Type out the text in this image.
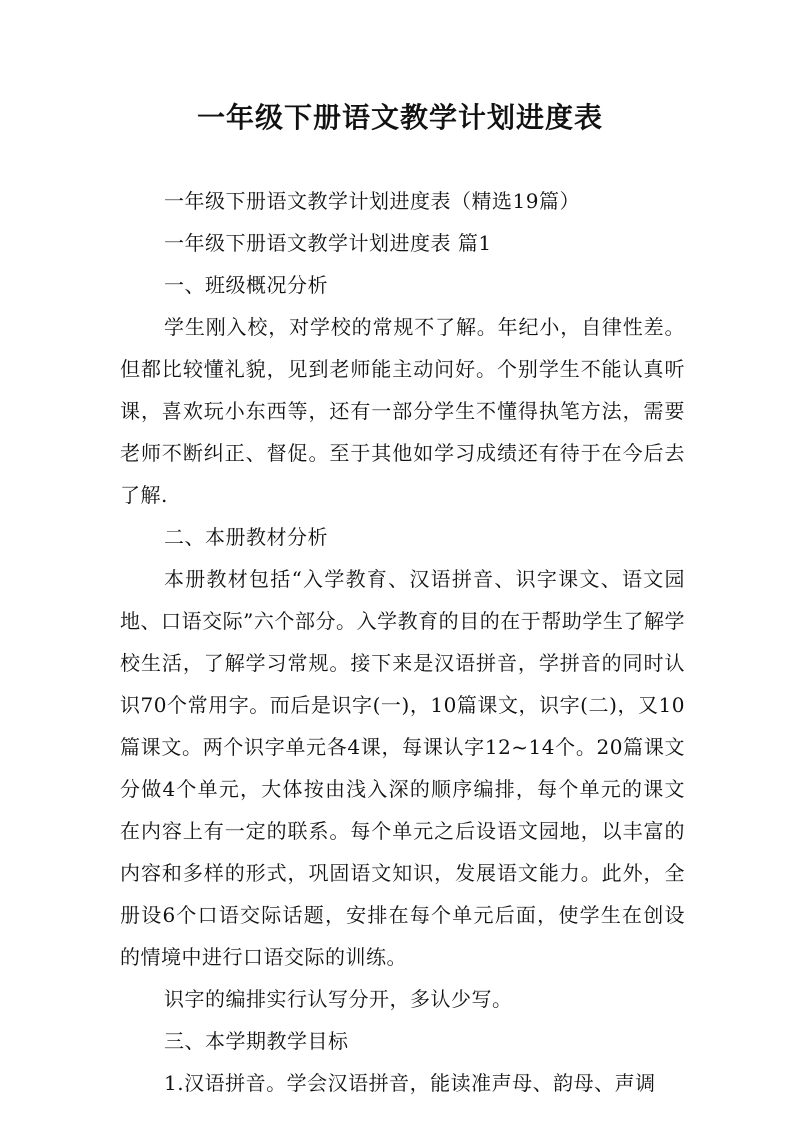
一年级下册语文教学计划进度表

一年级下册语文教学计划进度表（精选19篇）

一年级下册语文教学计划进度表 篇1

一、班级概况分析

学生刚入校，对学校的常规不了解。年纪小，自律性差。但都比较懂礼貌，见到老师能主动问好。个别学生不能认真听课，喜欢玩小东西等，还有一部分学生不懂得执笔方法，需要老师不断纠正、督促。至于其他如学习成绩还有待于在今后去了解.

二、本册教材分析

本册教材包括“入学教育、汉语拼音、识字课文、语文园地、口语交际”六个部分。入学教育的目的在于帮助学生了解学校生活，了解学习常规。接下来是汉语拼音，学拼音的同时认识70个常用字。而后是识字(一)，10篇课文，识字(二)，又10篇课文。两个识字单元各4课，每课认字12~14个。20篇课文分做4个单元，大体按由浅入深的顺序编排，每个单元的课文在内容上有一定的联系。每个单元之后设语文园地，以丰富的内容和多样的形式，巩固语文知识，发展语文能力。此外，全册设6个口语交际话题，安排在每个单元后面，使学生在创设的情境中进行口语交际的训练。

识字的编排实行认写分开，多认少写。

三、本学期教学目标

1.汉语拼音。学会汉语拼音，能读准声母、韵母、声调
